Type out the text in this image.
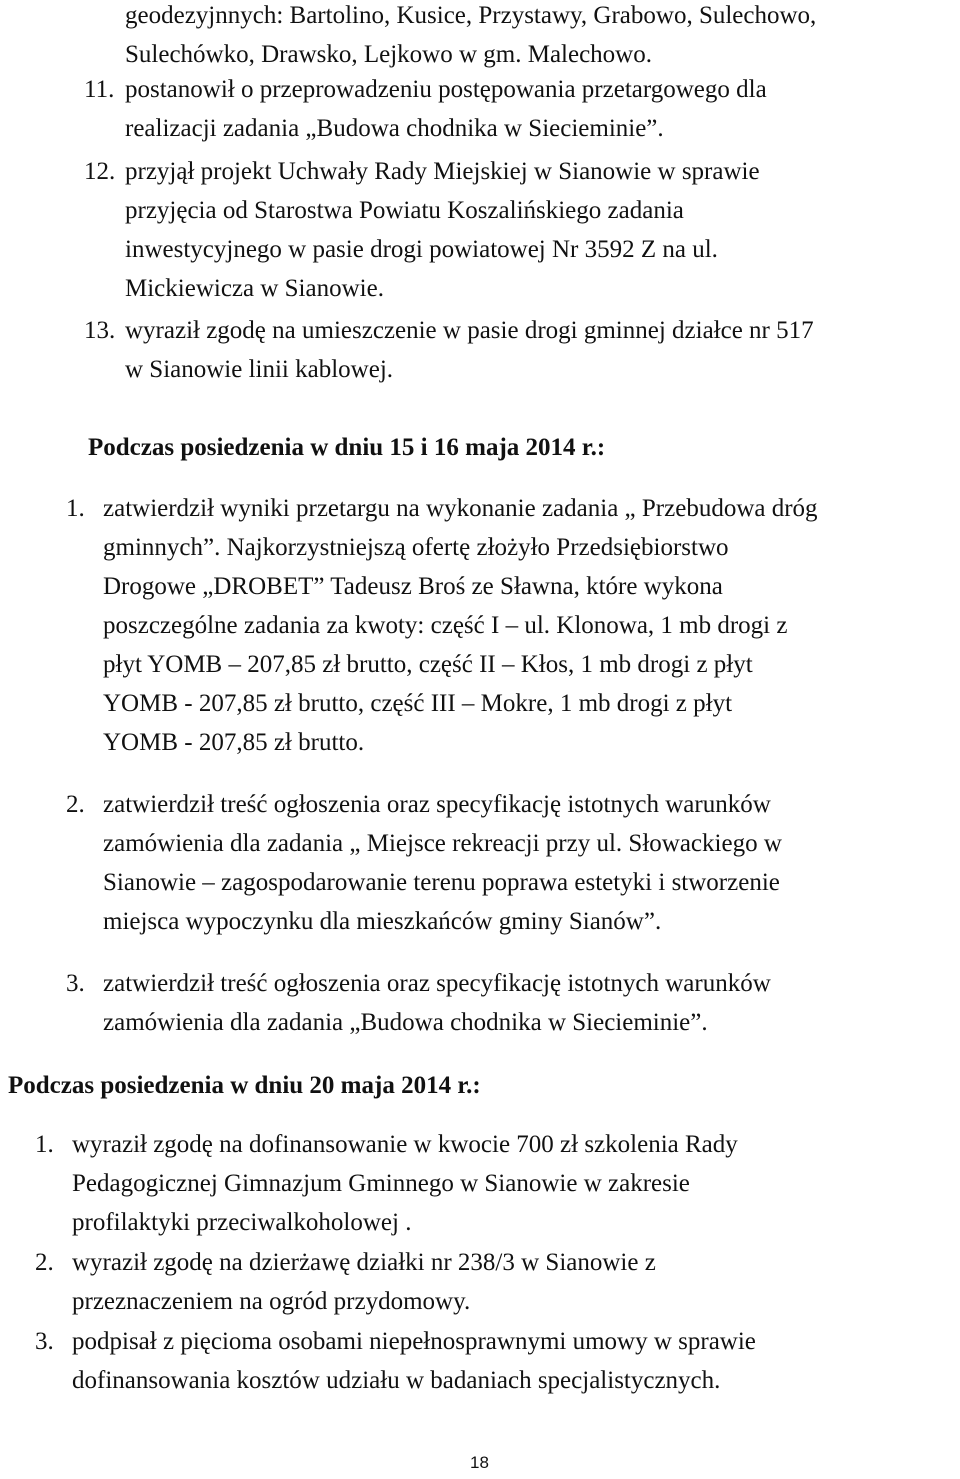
geodezyjnnych: Bartolino, Kusice, Przystawy, Grabowo, Sulechowo,
Sulechówko, Drawsko, Lejkowo w gm. Malechowo.
11. postanowił o przeprowadzeniu postępowania przetargowego dla
realizacji zadania „Budowa chodnika w Siecieminie”.
12. przyjął projekt Uchwały Rady Miejskiej w Sianowie w sprawie
przyjęcia od Starostwa Powiatu Koszalińskiego zadania
inwestycyjnego w pasie drogi powiatowej Nr 3592 Z na ul.
Mickiewicza w Sianowie.
13. wyraził zgodę na umieszczenie w pasie drogi gminnej działce nr 517
w Sianowie linii kablowej.
Podczas posiedzenia w dniu 15 i 16 maja 2014 r.:
1. zatwierdził wyniki przetargu na wykonanie zadania „ Przebudowa dróg
gminnych”. Najkorzystniejszą ofertę złożyło Przedsiębiorstwo
Drogowe „DROBET” Tadeusz Broś ze Sławna, które wykona
poszczególne zadania za kwoty: część I – ul. Klonowa, 1 mb drogi z
płyt YOMB – 207,85 zł brutto, część II – Kłos, 1 mb drogi z płyt
YOMB - 207,85 zł brutto, część III – Mokre, 1 mb drogi z płyt
YOMB - 207,85 zł brutto.
2. zatwierdził treść ogłoszenia oraz specyfikację istotnych warunków
zamówienia dla zadania „ Miejsce rekreacji przy ul. Słowackiego w
Sianowie – zagospodarowanie terenu poprawa estetyki i stworzenie
miejsca wypoczynku dla mieszkańców gminy Sianów”.
3. zatwierdził treść ogłoszenia oraz specyfikację istotnych warunków
zamówienia dla zadania „Budowa chodnika w Siecieminie”.
Podczas posiedzenia w dniu 20 maja 2014 r.:
1. wyraził zgodę na dofinansowanie w kwocie 700 zł szkolenia Rady
Pedagogicznej Gimnazjum Gminnego w Sianowie w zakresie
profilaktyki przeciwalkoholowej .
2. wyraził zgodę na dzierżawę działki nr 238/3 w Sianowie z
przeznaczeniem na ogród przydomowy.
3. podpisał z pięcioma osobami niepełnosprawnymi umowy w sprawie
dofinansowania kosztów udziału w badaniach specjalistycznych.
18
